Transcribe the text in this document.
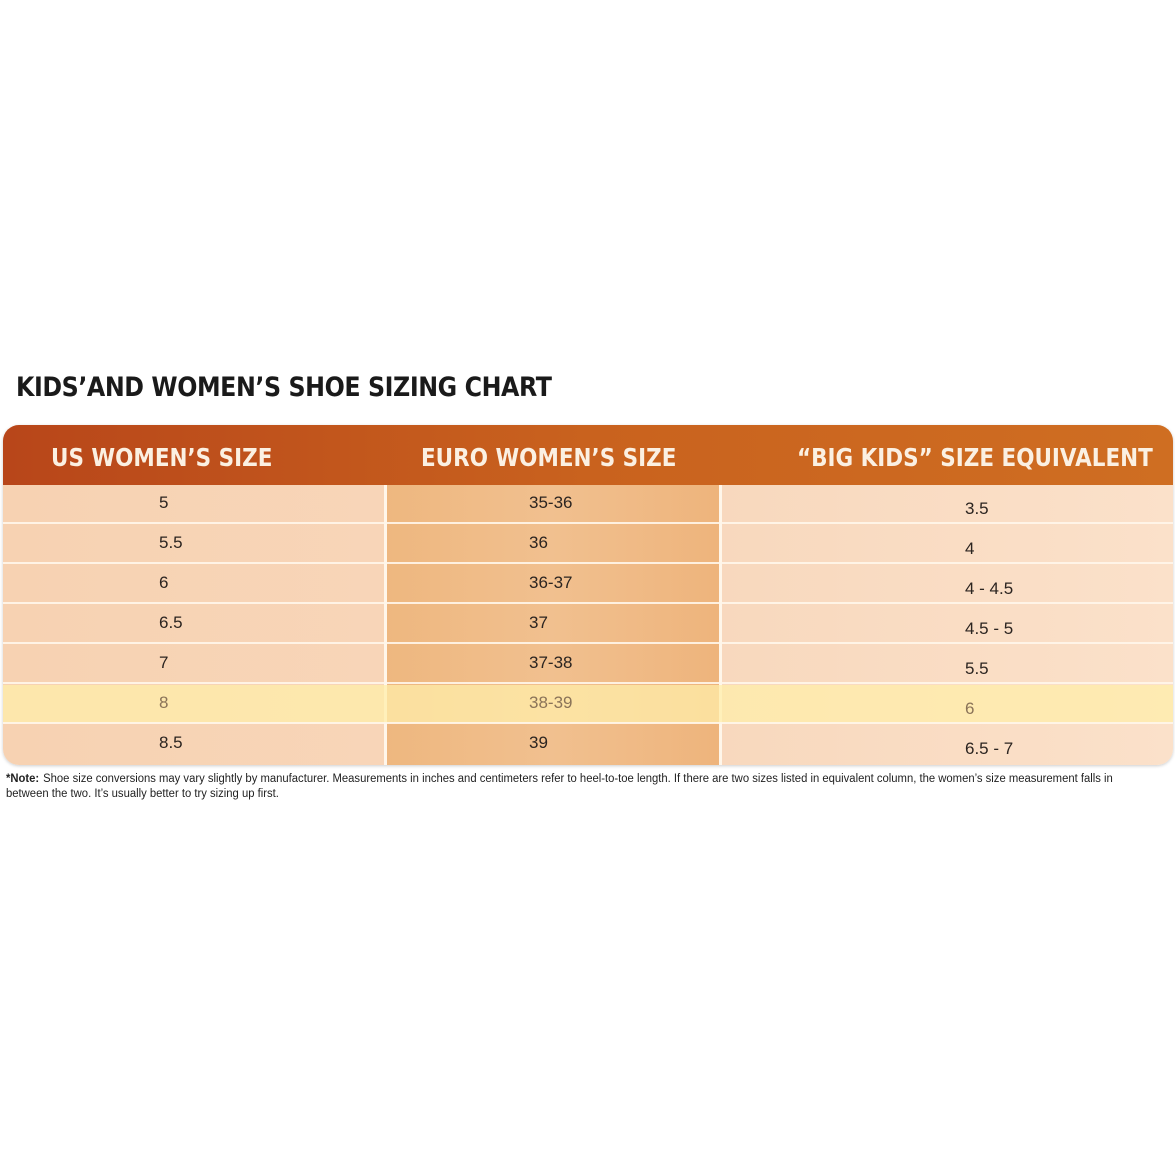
KIDS’AND WOMEN’S SHOE SIZING CHART
US WOMEN’S SIZE	EURO WOMEN’S SIZE	“BIG KIDS” SIZE EQUIVALENT
5	35-36	3.5
5.5	36	4
6	36-37	4 - 4.5
6.5	37	4.5 - 5
7	37-38	5.5
8	38-39	6
8.5	39	6.5 - 7
*Note: Shoe size conversions may vary slightly by manufacturer. Measurements in inches and centimeters refer to heel-to-toe length. If there are two sizes listed in equivalent column, the women’s size measurement falls in between the two. It’s usually better to try sizing up first.
